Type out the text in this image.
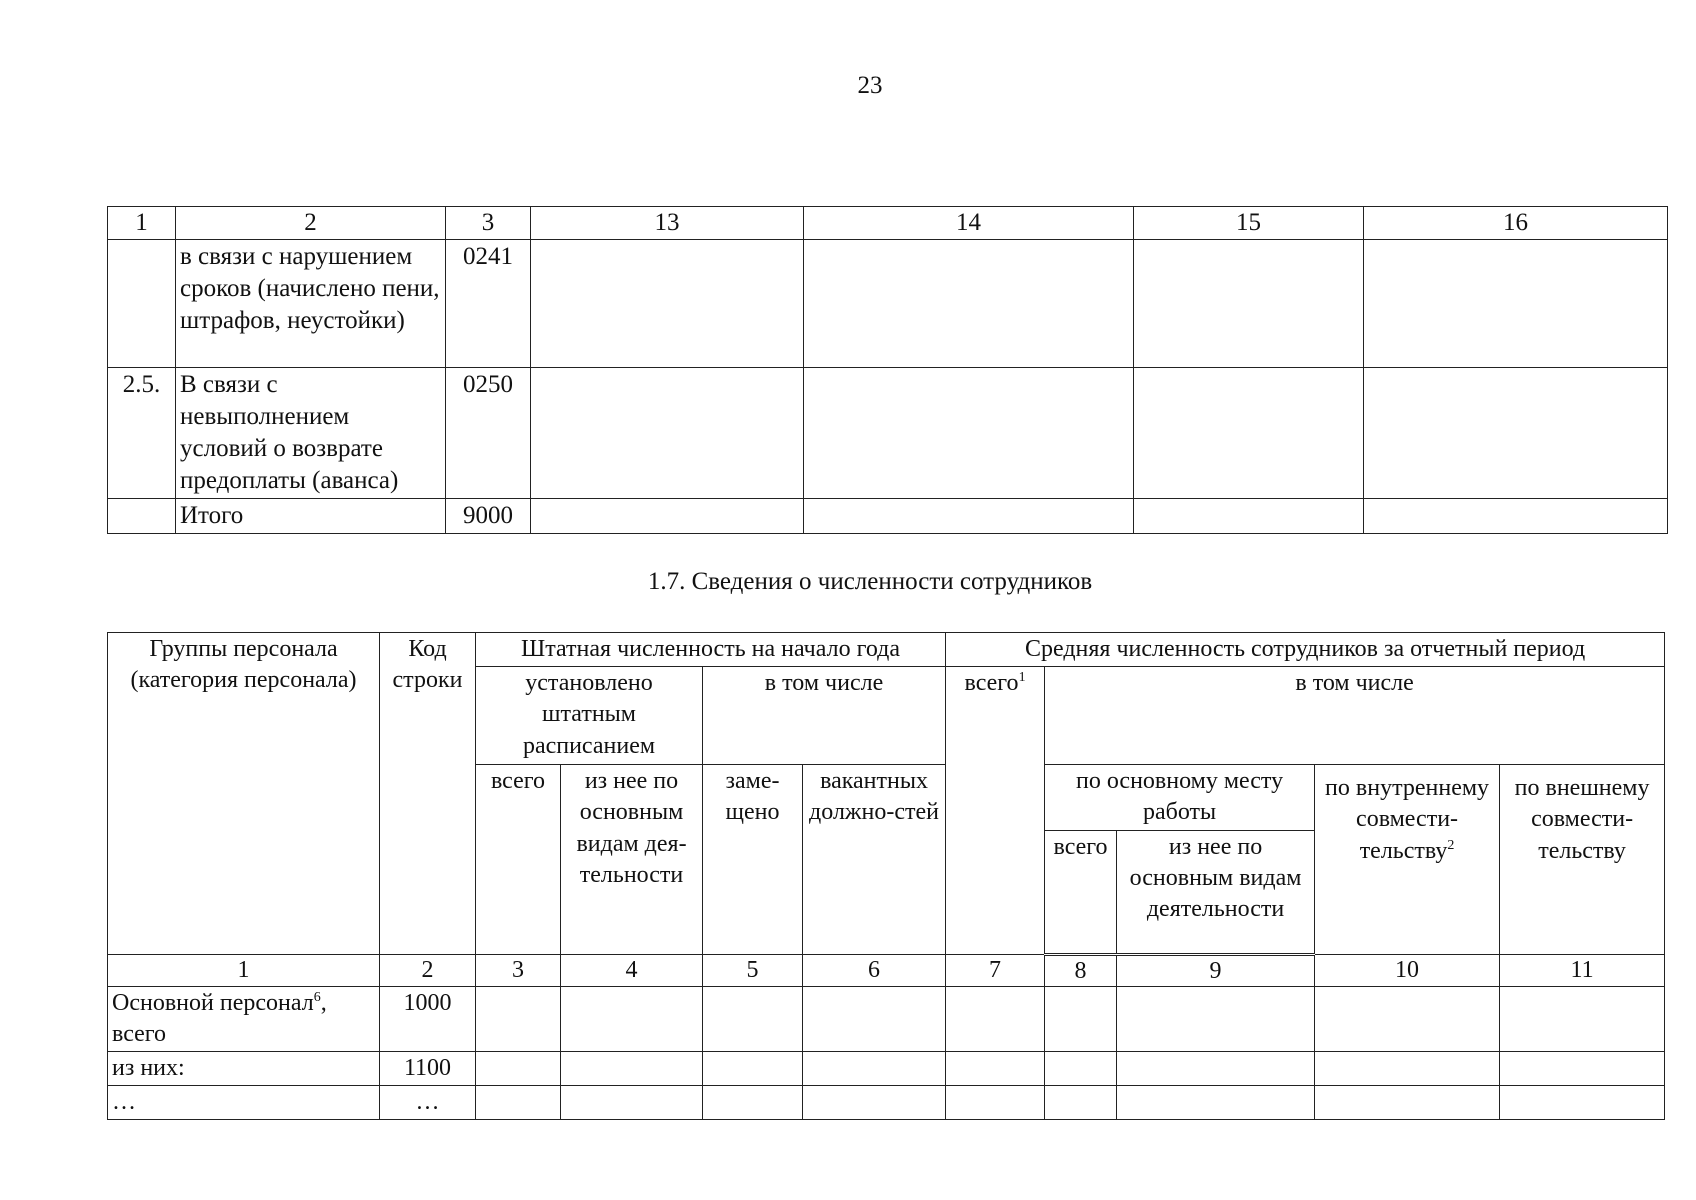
23
1	2	3	13	14	15	16
	в связи с нарушением сроков (начислено пени, штрафов, неустойки)	0241				
2.5.	В связи с невыполнением условий о возврате предоплаты (аванса)	0250				
	Итого	9000				
1.7. Сведения о численности сотрудников
Группы персонала (категория персонала)	Код строки	Штатная численность на начало года				Средняя численность сотрудников за отчетный период				
		установлено штатным расписанием		в том числе		всего$^1$	в том числе			
		всего	из нее по основным видам дея-тельности	заме-щено	вакантных должно-стей		по основному месту работы		по внутреннему совмести-тельству$^2$	по внешнему совмести-тельству
							всего	из нее по основным видам деятельности		
1	2	3	4	5	6	7	8	9	10	11
Основной персонал$^6$, всего	1000									
из них:	1100									
…	…									
